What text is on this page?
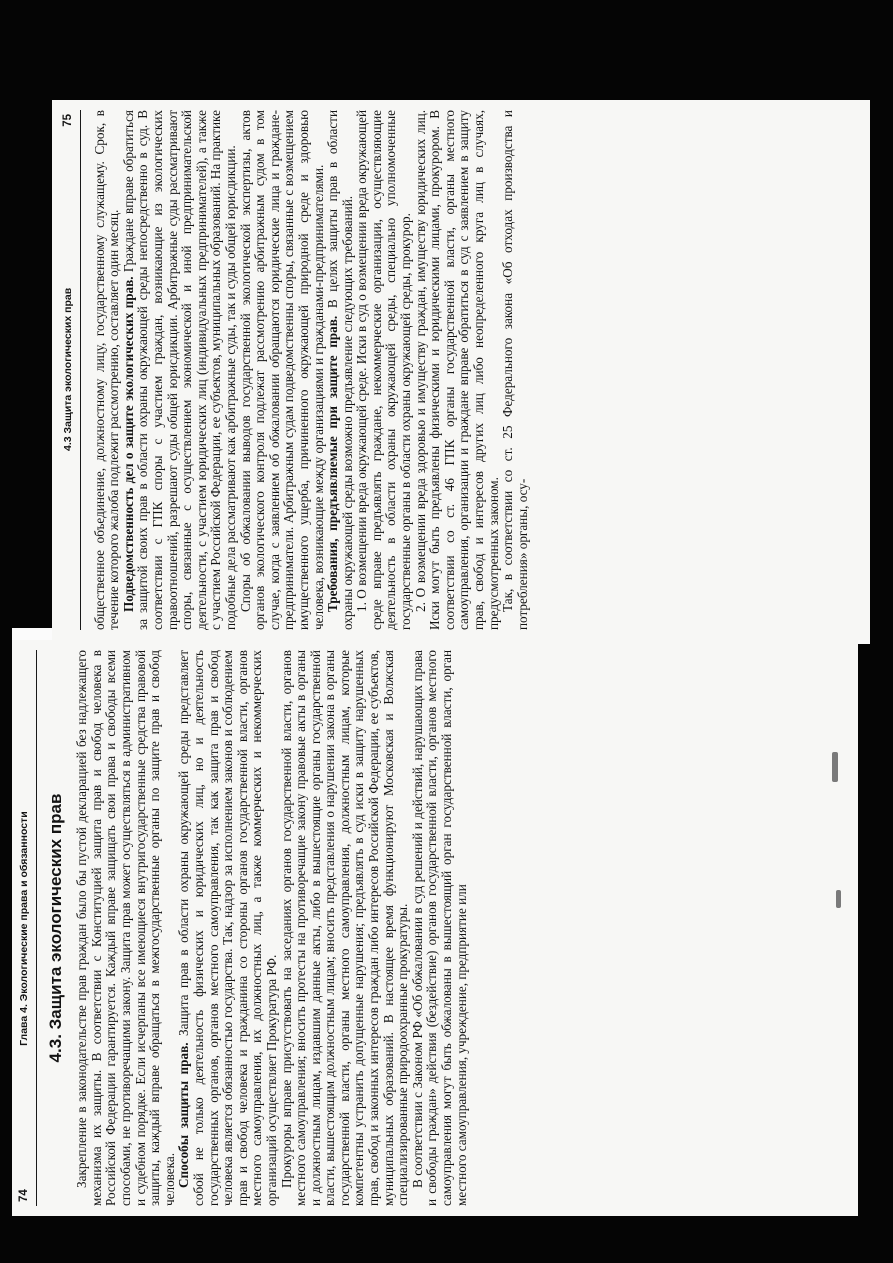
74
Глава 4. Экологические права и обязанности 4.3. Защита экологических прав Закрепление в законодательстве прав граждан было бы пустой декларацией без надлежащего механизма их защиты. В соответствии с Конституцией защита прав и свобод человека в Российской Федерации гарантируется. Каждый вправе защищать свои права и свободы всеми способами, не противоречащими закону. Защита прав может осуществляться в административном и судебном порядке. Если исчерпаны все имеющиеся внутригосударственные средства правовой защиты, каждый вправе обращаться в межгосударственные органы по защите прав и свобод человека. Способы защиты прав. Защита прав в области охраны окружающей среды представляет собой не только деятельность физических и юридических лиц, но и деятельность государственных органов, органов местного самоуправления, так как защита прав и свобод человека является обязанностью государства. Так, надзор за исполнением законов и соблюдением прав и свобод человека и гражданина со стороны органов государственной власти, органов местного самоуправления, их должностных лиц, а также коммерческих и некоммерческих организаций осуществляет Прокуратура РФ. Прокуроры вправе присутствовать на заседаниях органов государственной власти, органов местного самоуправления; вносить протесты на противоречащие закону правовые акты в органы и должностным лицам, издавшим данные акты, либо в вышестоящие органы государственной власти, вышестоящим должностным лицам; вносить представления о нарушении закона в органы государственной власти, органы местного самоуправления, должностным лицам, которые компетентны устранить допущенные нарушения; предъявлять в суд иски в защиту нарушенных прав, свобод и законных интересов граждан либо интересов Российской Федерации, ее субъектов, муниципальных образований. В настоящее время функционируют Московская и Волжская специализированные природоохранные прокуратуры. В соответствии с Законом РФ «Об обжаловании в суд решений и действий, нарушающих права и свободы граждан» действия (бездействие) органов государственной власти, органов местного самоуправления могут быть обжалованы в вышестоящий орган государственной власти, орган местного самоуправления, учреждение, предприятие или

4.3 Защита экологических прав
75 общественное объединение, должностному лицу, государственному служащему. Срок, в течение которого жалоба подлежит рассмотрению, составляет один месяц. Подведомственность дел о защите экологических прав. Граждане вправе обратиться за защитой своих прав в области охраны окружающей среды непосредственно в суд. В соответствии с ГПК споры с участием граждан, возникающие из экологических правоотношений, разрешают суды общей юрисдикции. Арбитражные суды рассматривают споры, связанные с осуществлением экономической и иной предпринимательской деятельности, с участием юридических лиц (индивидуальных предпринимателей), а также с участием Российской Федерации, ее субъектов, муниципальных образований. На практике подобные дела рассматривают как арбитражные суды, так и суды общей юрисдикции. Споры об обжаловании выводов государственной экологической экспертизы, актов органов экологического контроля подлежат рассмотрению арбитражным судом в том случае, когда с заявлением об обжаловании обращаются юридические лица и граждане-предприниматели. Арбитражным судам подведомственны споры, связанные с возмещением имущественного ущерба, причиненного окружающей природной среде и здоровью человека, возникающие между организациями и гражданами-предпринимателями. Требования, предъявляемые при защите прав. В целях защиты прав в области охраны окружающей среды возможно предъявление следующих требований. 1. О возмещении вреда окружающей среде. Иски в суд о возмещении вреда окружающей среде вправе предъявлять граждане, некоммерческие организации, осуществляющие деятельность в области охраны окружающей среды, специально уполномоченные государственные органы в области охраны окружающей среды, прокурор. 2. О возмещении вреда здоровью и имуществу граждан, имуществу юридических лиц. Иски могут быть предъявлены физическими и юридическими лицами, прокурором. В соответствии со ст. 46 ГПК органы государственной власти, органы местного самоуправления, организации и граждане вправе обратиться в суд с заявлением в защиту прав, свобод и интересов других лиц либо неопределенного круга лиц в случаях, предусмотренных законом. Так, в соответствии со ст. 25 Федерального закона «Об отходах производства и потребления» органы, осу-
